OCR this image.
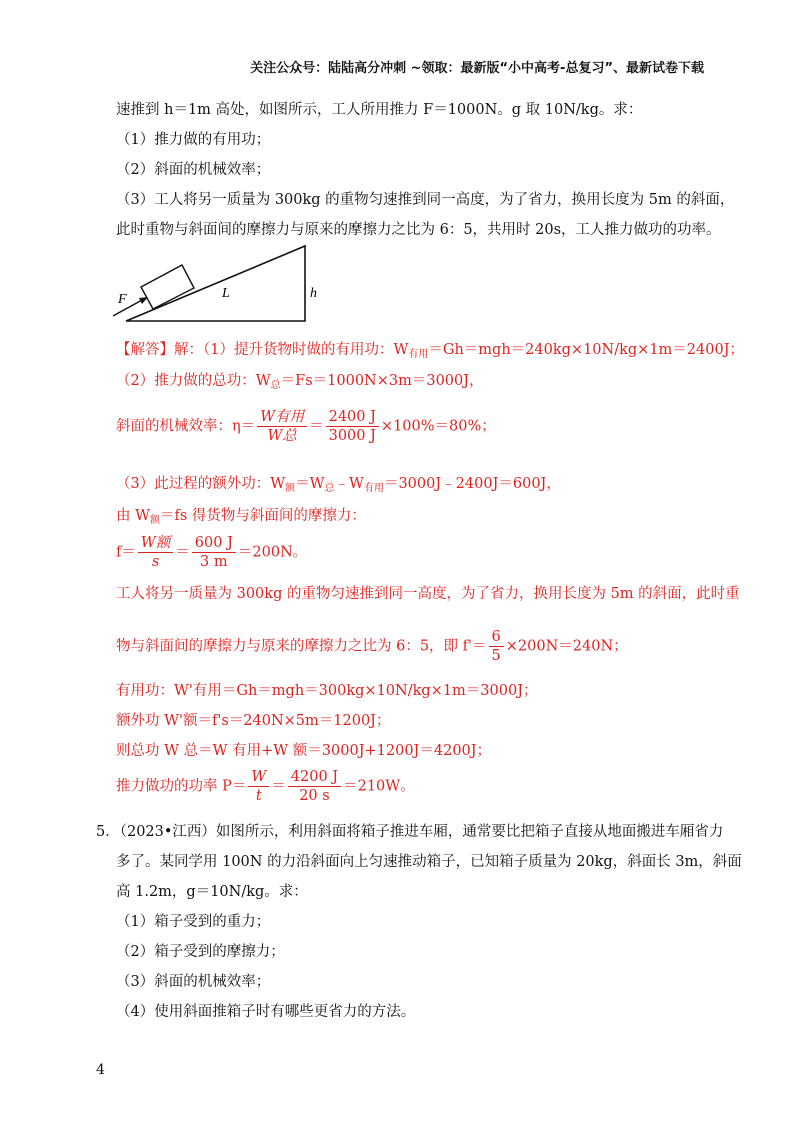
关注公众号：陆陆高分冲刺 ~领取：最新版“小中高考-总复习”、最新试卷下载
速推到 h＝1m 高处，如图所示，工人所用推力 F＝1000N。g 取 10N/kg。求：
（1）推力做的有用功；
（2）斜面的机械效率；
（3）工人将另一质量为 300kg 的重物匀速推到同一高度，为了省力，换用长度为 5m 的斜面，
此时重物与斜面间的摩擦力与原来的摩擦力之比为 6：5，共用时 20s，工人推力做功的功率。
F	L	h
【解答】解：（1）提升货物时做的有用功：$W_{有用}=Gh=mgh=240kg\times 10N/kg\times 1m=2400J$；
（2）推力做的总功：$W_总=Fs=1000N\times 3m=3000J$，
斜面的机械效率：$\eta= \frac{\text{W有用}}{\text{W总}} = \frac{2400 J}{3000 J} \times 100\%=80\%$；
（3）此过程的额外功：$W_额=W_总﹣W_{有用}=3000J﹣2400J=600J$，
由 $W_额=fs$ 得货物与斜面间的摩擦力：
$f= \frac{\text{W额}}{s} = \frac{600 J}{3 m} =200N$。
工人将另一质量为 300kg 的重物匀速推到同一高度，为了省力，换用长度为 5m 的斜面，此时重
物与斜面间的摩擦力与原来的摩擦力之比为 6：5，即 $f'= \frac{6}{5} \times 200N=240N$；
有用功：W'有用＝Gh＝mgh＝300kg×10N/kg×1m＝3000J；
额外功 W'额＝f's＝240N×5m＝1200J；
则总功 W 总＝W 有用+W 额＝3000J+1200J＝4200J；
推力做功的功率 $P= \frac{W}{t} = \frac{4200 J}{20 s} =210W$。
5．（2023•江西）如图所示，利用斜面将箱子推进车厢，通常要比把箱子直接从地面搬进车厢省力
多了。某同学用 100N 的力沿斜面向上匀速推动箱子，已知箱子质量为 20kg，斜面长 3m，斜面
高 1.2m，g＝10N/kg。求：
（1）箱子受到的重力；
（2）箱子受到的摩擦力；
（3）斜面的机械效率；
（4）使用斜面推箱子时有哪些更省力的方法。
4
